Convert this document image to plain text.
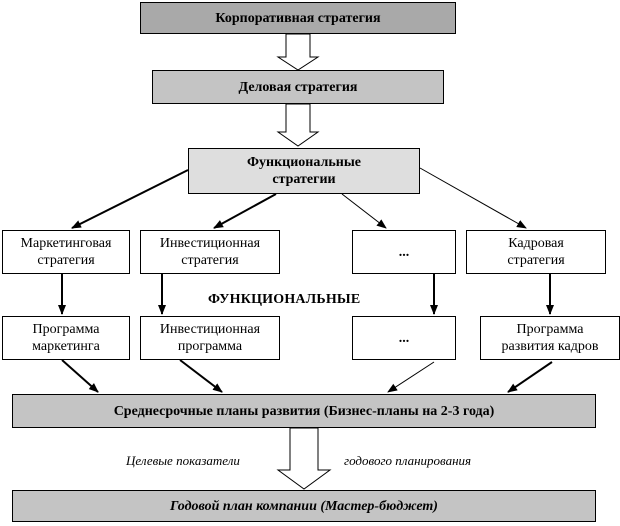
Корпоративная стратегия
Деловая стратегия
Функциональные
стратегии
Маркетинговая
стратегия
Инвестиционная
стратегия
...
Кадровая
стратегия
ФУНКЦИОНАЛЬНЫЕ
Программа
маркетинга
Инвестиционная
программа
...
Программа
развития кадров
Среднесрочные планы развития (Бизнес-планы на 2-3 года)
Целевые показатели	годового планирования
Годовой план компании (Мастер-бюджет)
